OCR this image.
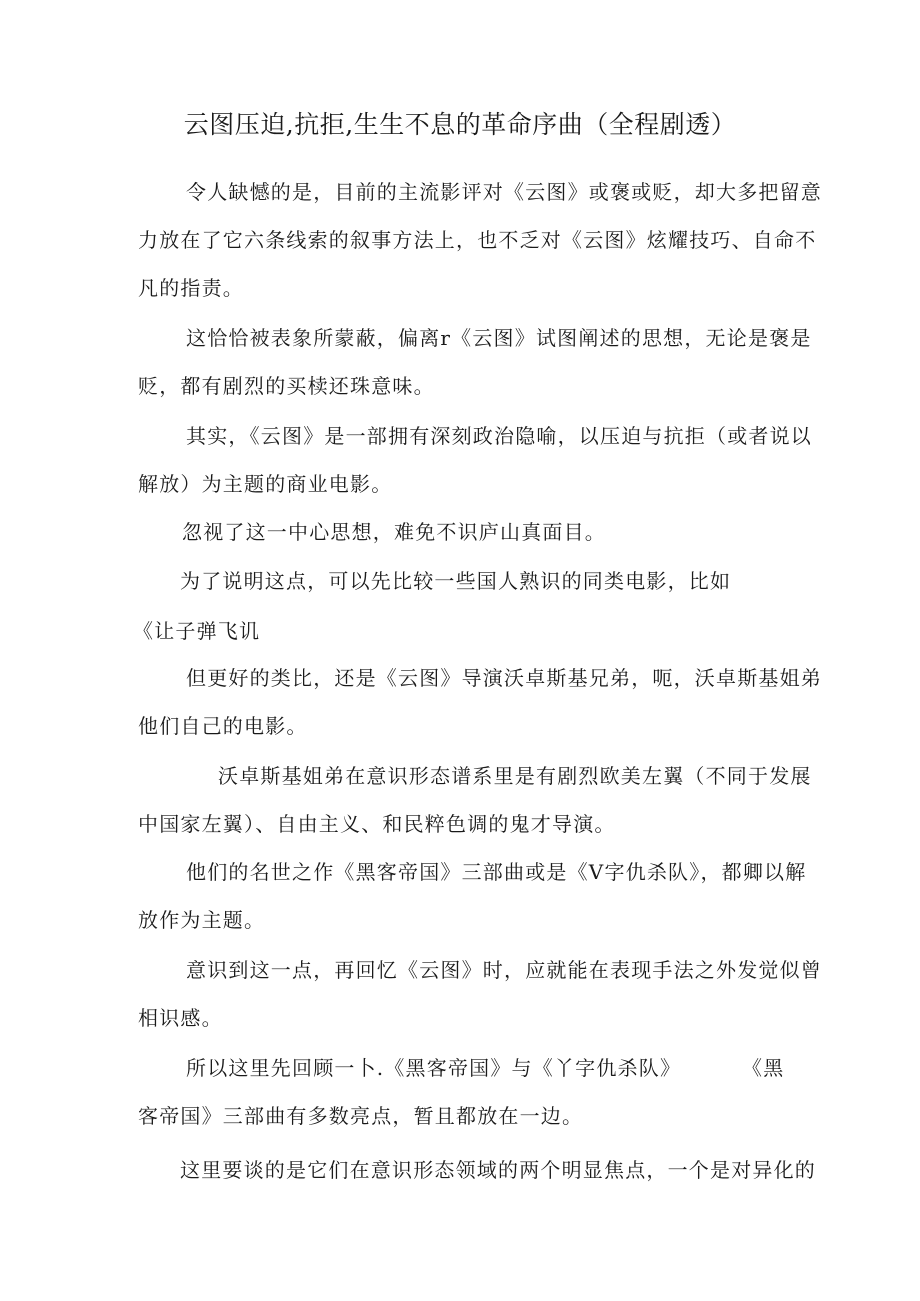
云图压迫,抗拒,生生不息的革命序曲（全程剧透）
令人缺憾的是，目前的主流影评对《云图》或褒或贬，却大多把留意
力放在了它六条线索的叙事方法上，也不乏对《云图》炫耀技巧、自命不
凡的指责。
这恰恰被表象所蒙蔽，偏离r《云图》试图阐述的思想，无论是褒是
贬，都有剧烈的买椟还珠意味。
其实，《云图》是一部拥有深刻政治隐喻，以压迫与抗拒（或者说以
解放）为主题的商业电影。
忽视了这一中心思想，难免不识庐山真面目。
为了说明这点，可以先比较一些国人熟识的同类电影，比如
《让子弹飞讥
但更好的类比，还是《云图》导演沃卓斯基兄弟，呃，沃卓斯基姐弟
他们自己的电影。
沃卓斯基姐弟在意识形态谱系里是有剧烈欧美左翼（不同于发展
中国家左翼）、自由主义、和民粹色调的鬼才导演。
他们的名世之作《黑客帝国》三部曲或是《V字仇杀队》，都卿以解
放作为主题。
意识到这一点，再回忆《云图》时，应就能在表现手法之外发觉似曾
相识感。
所以这里先回顾一卜.《黑客帝国》与《丫字仇杀队》	《黑
客帝国》三部曲有多数亮点，暂且都放在一边。
这里要谈的是它们在意识形态领域的两个明显焦点，一个是对异化的
